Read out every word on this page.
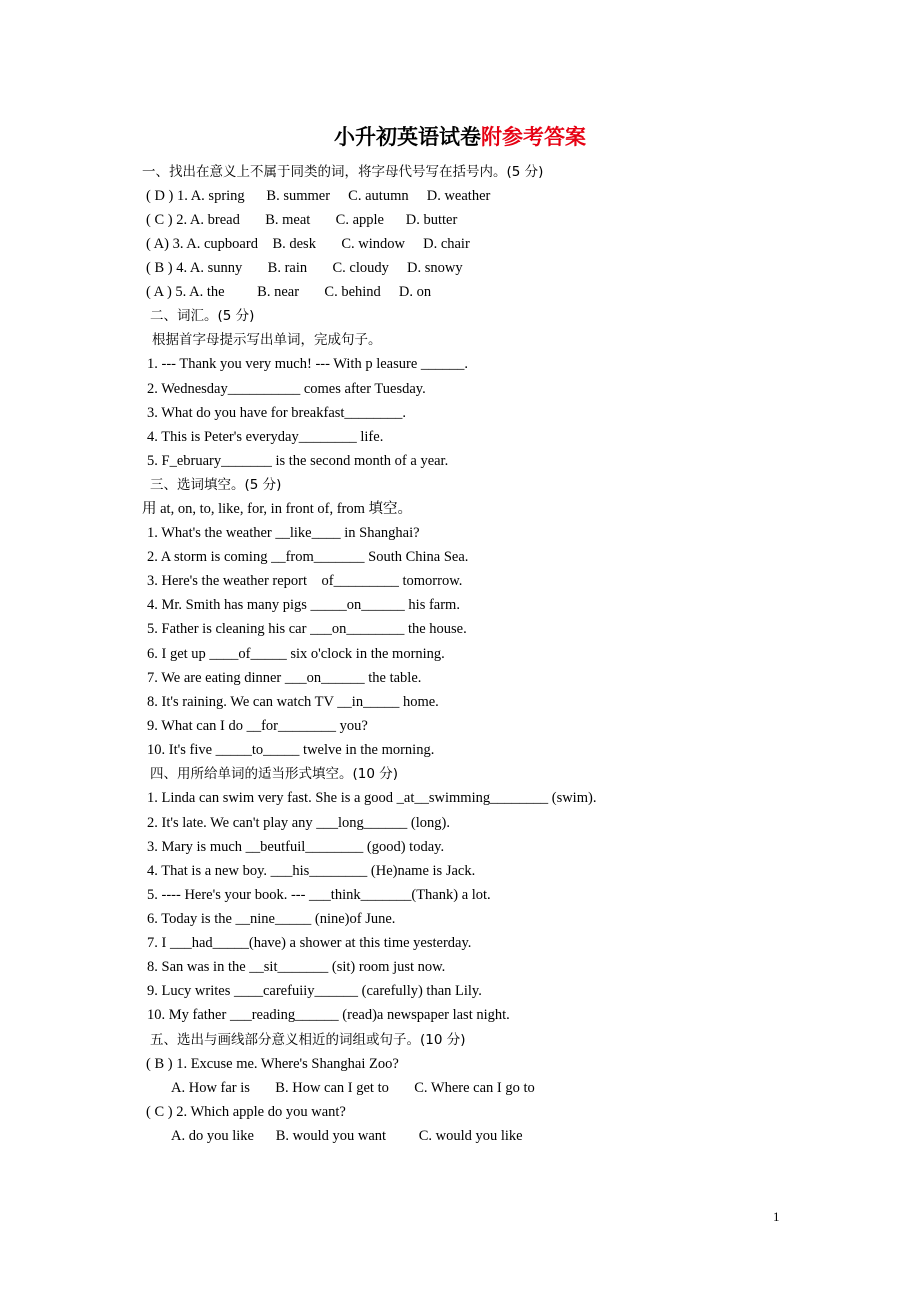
小升初英语试卷附参考答案
一、找出在意义上不属于同类的词，将字母代号写在括号内。(5 分)
( D ) 1. A. spring      B. summer     C. autumn     D. weather
( C ) 2. A. bread       B. meat       C. apple      D. butter
( A) 3. A. cupboard    B. desk       C. window     D. chair
( B ) 4. A. sunny       B. rain       C. cloudy     D. snowy
( A ) 5. A. the         B. near       C. behind     D. on
二、词汇。(5 分)
根据首字母提示写出单词，完成句子。
1. --- Thank you very much! --- With p leasure ______.
2. Wednesday__________ comes after Tuesday.
3. What do you have for breakfast________.
4. This is Peter's everyday________ life.
5. F_ebruary_______ is the second month of a year.
三、选词填空。(5 分)
用 at, on, to, like, for, in front of, from 填空。
1. What's the weather __like____ in Shanghai?
2. A storm is coming __from_______ South China Sea.
3. Here's the weather report    of_________ tomorrow.
4. Mr. Smith has many pigs _____on______ his farm.
5. Father is cleaning his car ___on________ the house.
6. I get up ____of_____ six o'clock in the morning.
7. We are eating dinner ___on______ the table.
8. It's raining. We can watch TV __in_____ home.
9. What can I do __for________ you?
10. It's five _____to_____ twelve in the morning.
四、用所给单词的适当形式填空。(10 分)
1. Linda can swim very fast. She is a good _at__swimming________ (swim).
2. It's late. We can't play any ___long______ (long).
3. Mary is much __beutfuil________ (good) today.
4. That is a new boy. ___his________ (He)name is Jack.
5. ---- Here's your book. --- ___think_______(Thank) a lot.
6. Today is the __nine_____ (nine)of June.
7. I ___had_____(have) a shower at this time yesterday.
8. San was in the __sit_______ (sit) room just now.
9. Lucy writes ____carefuiiy______ (carefully) than Lily.
10. My father ___reading______ (read)a newspaper last night.
五、选出与画线部分意义相近的词组或句子。(10 分)
( B ) 1. Excuse me. Where's Shanghai Zoo?
A. How far is       B. How can I get to       C. Where can I go to
( C ) 2. Which apple do you want?
A. do you like      B. would you want         C. would you like
1
